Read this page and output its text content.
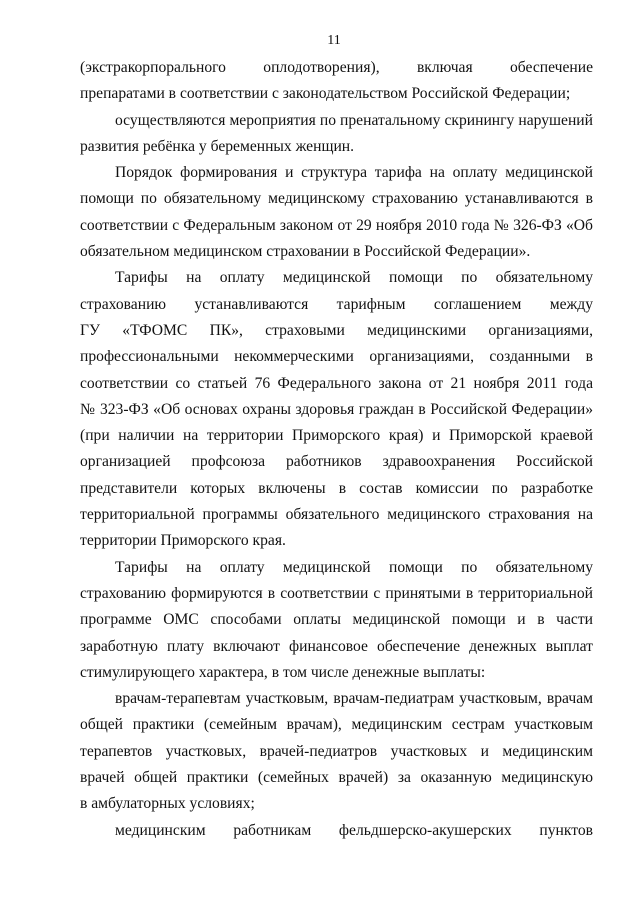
11
(экстракорпорального оплодотворения), включая обеспечение
препаратами в соответствии с законодательством Российской Федерации;
осуществляются мероприятия по пренатальному скринингу нарушений
развития ребёнка у беременных женщин.
Порядок формирования и структура тарифа на оплату медицинской
помощи по обязательному медицинскому страхованию устанавливаются в
соответствии с Федеральным законом от 29 ноября 2010 года № 326-ФЗ «Об
обязательном медицинском страховании в Российской Федерации».
Тарифы на оплату медицинской помощи по обязательному
страхованию устанавливаются тарифным соглашением между
ГУ «ТФОМС ПК», страховыми медицинскими организациями,
профессиональными некоммерческими организациями, созданными в
соответствии со статьей 76 Федерального закона от 21 ноября 2011 года
№ 323-ФЗ «Об основах охраны здоровья граждан в Российской Федерации»
(при наличии на территории Приморского края) и Приморской краевой
организацией профсоюза работников здравоохранения Российской
представители которых включены в состав комиссии по разработке
территориальной программы обязательного медицинского страхования на
территории Приморского края.
Тарифы на оплату медицинской помощи по обязательному
страхованию формируются в соответствии с принятыми в территориальной
программе ОМС способами оплаты медицинской помощи и в части
заработную плату включают финансовое обеспечение денежных выплат
стимулирующего характера, в том числе денежные выплаты:
врачам-терапевтам участковым, врачам-педиатрам участковым, врачам
общей практики (семейным врачам), медицинским сестрам участковым
терапевтов участковых, врачей-педиатров участковых и медицинским
врачей общей практики (семейных врачей) за оказанную медицинскую
в амбулаторных условиях;
медицинским работникам фельдшерско-акушерских пунктов
